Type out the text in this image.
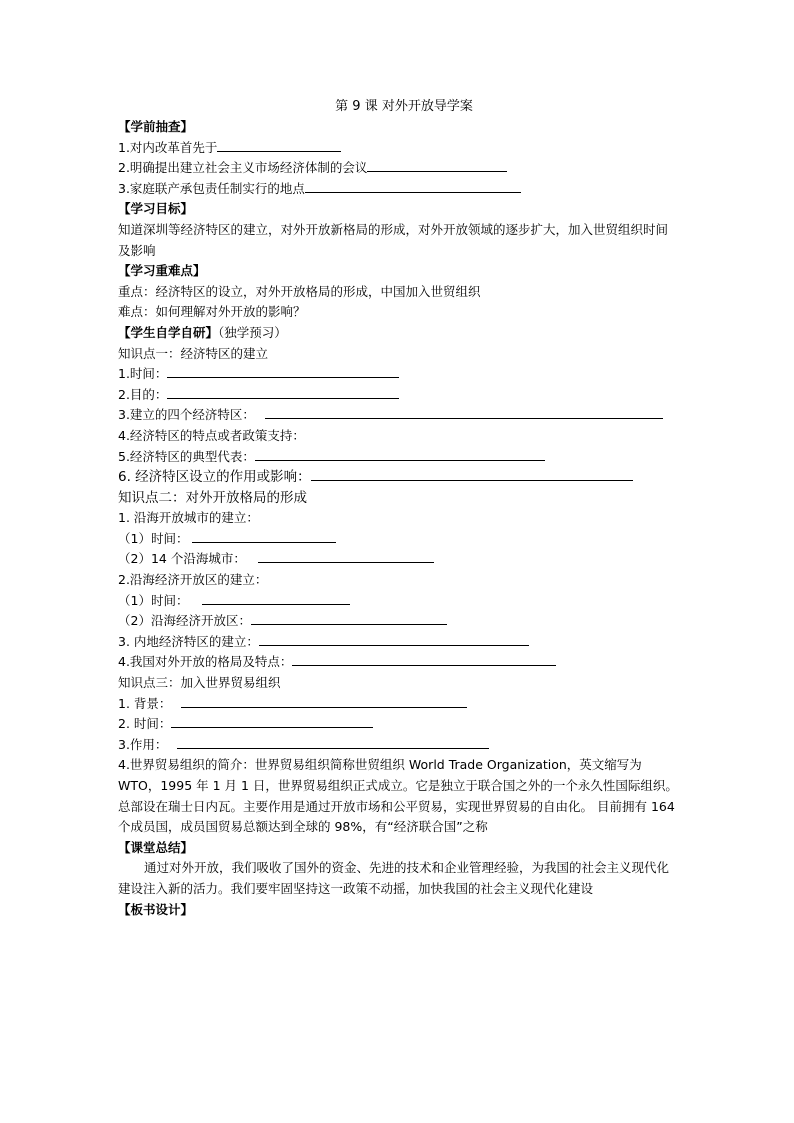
第 9 课 对外开放导学案
【学前抽查】
1.对内改革首先于
2.明确提出建立社会主义市场经济体制的会议
3.家庭联产承包责任制实行的地点
【学习目标】
知道深圳等经济特区的建立，对外开放新格局的形成，对外开放领域的逐步扩大，加入世贸组织时间及影响
【学习重难点】
重点：经济特区的设立，对外开放格局的形成，中国加入世贸组织
难点：如何理解对外开放的影响？
【学生自学自研】（独学预习）
知识点一：经济特区的建立
1.时间：
2.目的：
3.建立的四个经济特区：
4.经济特区的特点或者政策支持：
5.经济特区的典型代表：
6. 经济特区设立的作用或影响：
知识点二：对外开放格局的形成
1. 沿海开放城市的建立：
（1）时间：
（2）14 个沿海城市：
2.沿海经济开放区的建立：
（1）时间：
（2）沿海经济开放区：
3. 内地经济特区的建立：
4.我国对外开放的格局及特点：
知识点三：加入世界贸易组织
1. 背景：
2. 时间：
3.作用：
4.世界贸易组织的简介：世界贸易组织简称世贸组织 World Trade Organization，英文缩写为 WTO，1995 年 1 月 1 日，世界贸易组织正式成立。它是独立于联合国之外的一个永久性国际组织。总部设在瑞士日内瓦。主要作用是通过开放市场和公平贸易，实现世界贸易的自由化。 目前拥有 164 个成员国，成员国贸易总额达到全球的 98%，有“经济联合国”之称
【课堂总结】
通过对外开放，我们吸收了国外的资金、先进的技术和企业管理经验，为我国的社会主义现代化建设注入新的活力。我们要牢固坚持这一政策不动摇，加快我国的社会主义现代化建设
【板书设计】
